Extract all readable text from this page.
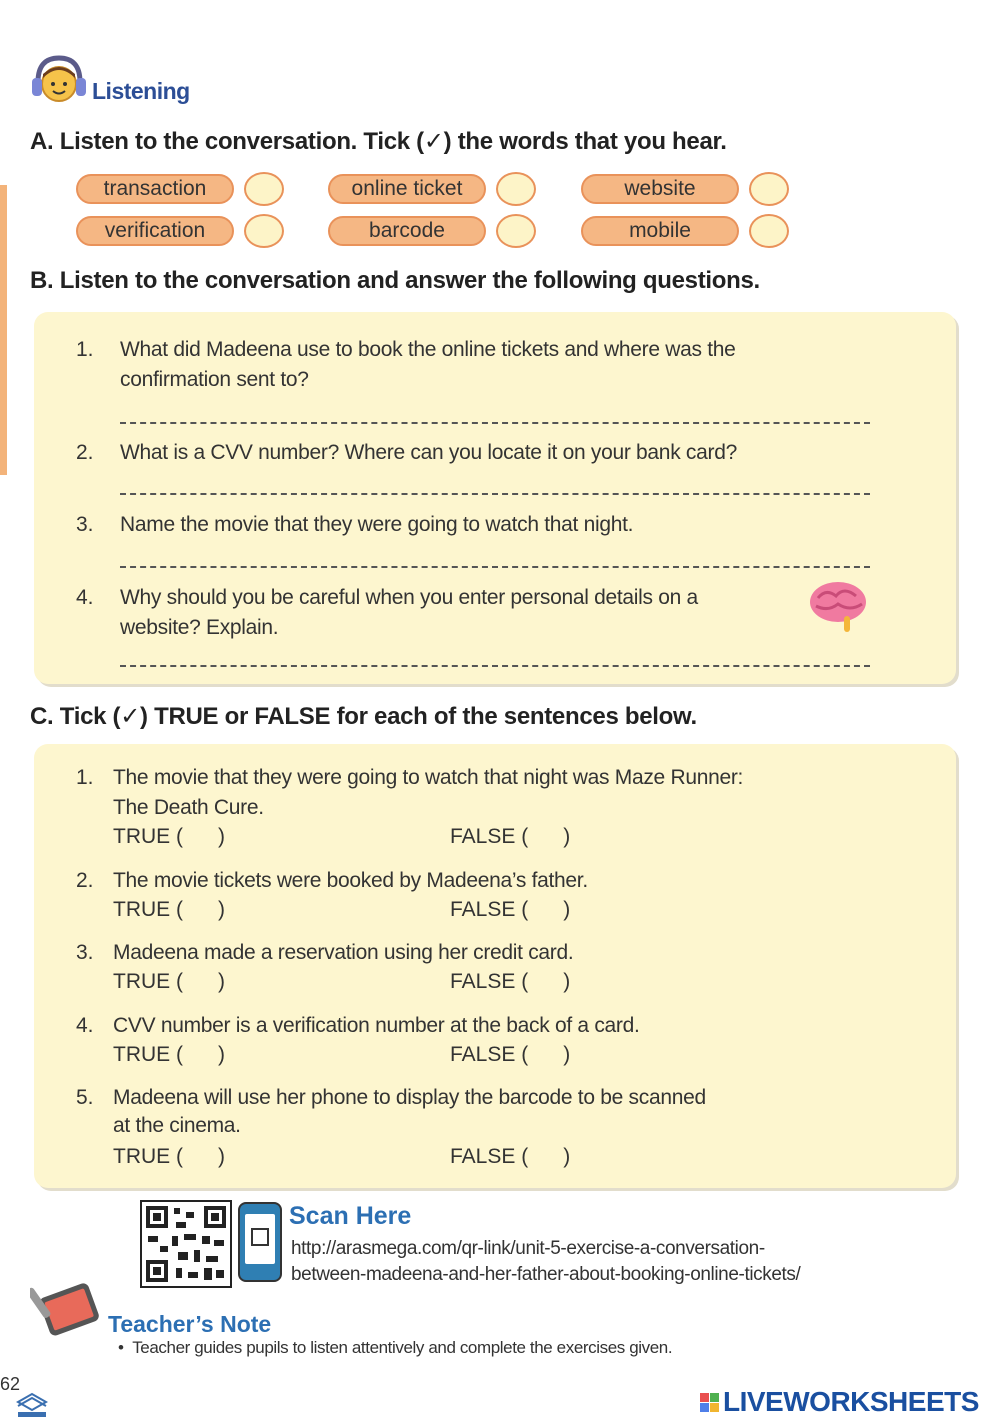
Listening
A. Listen to the conversation. Tick (✓) the words that you hear.
transaction	online ticket	website
verification	barcode	mobile
B. Listen to the conversation and answer the following questions.
1. What did Madeena use to book the online tickets and where was the
confirmation sent to?
2. What is a CVV number? Where can you locate it on your bank card?
3. Name the movie that they were going to watch that night.
4. Why should you be careful when you enter personal details on a
website? Explain.
C. Tick (✓) TRUE or FALSE for each of the sentences below.
1. The movie that they were going to watch that night was Maze Runner:
The Death Cure.
TRUE (      )	FALSE (      )
2. The movie tickets were booked by Madeena’s father.
TRUE (      )	FALSE (      )
3. Madeena made a reservation using her credit card.
TRUE (      )	FALSE (      )
4. CVV number is a verification number at the back of a card.
TRUE (      )	FALSE (      )
5. Madeena will use her phone to display the barcode to be scanned
at the cinema.
TRUE (      )	FALSE (      )
Scan Here
http://arasmega.com/qr-link/unit-5-exercise-a-conversation-
between-madeena-and-her-father-about-booking-online-tickets/
Teacher’s Note
•  Teacher guides pupils to listen attentively and complete the exercises given.
62
LIVEWORKSHEETS
